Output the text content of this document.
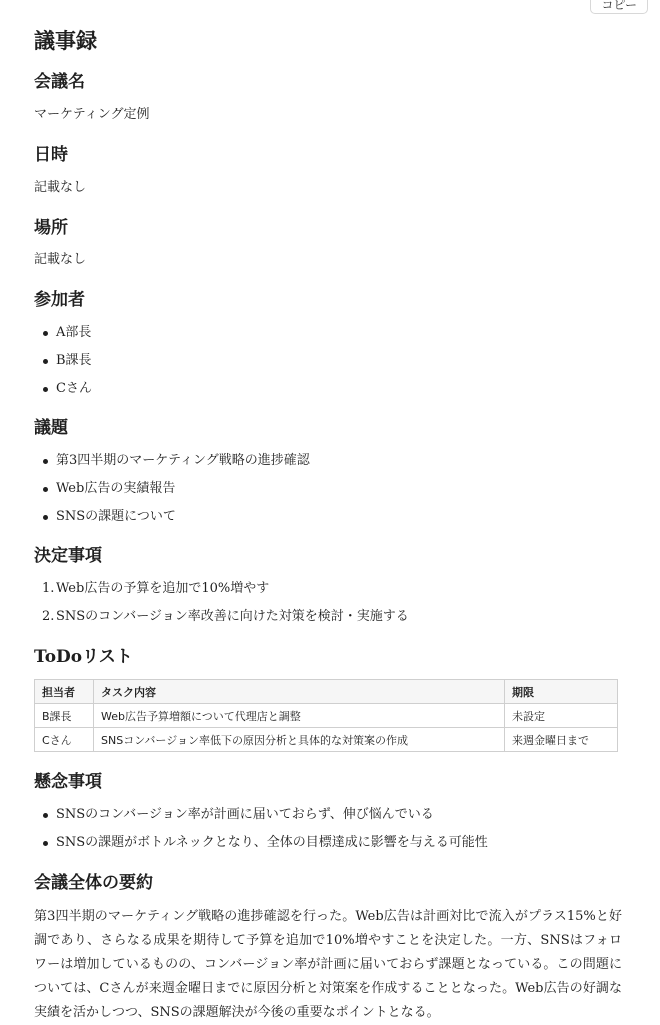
コピー
議事録
会議名

マーケティング定例

日時

記載なし

場所

記載なし

参加者
A部長
B課長
Cさん
議題
第3四半期のマーケティング戦略の進捗確認
Web広告の実績報告
SNSの課題について
決定事項
1. Web広告の予算を追加で10%増やす
2. SNSのコンバージョン率改善に向けた対策を検討・実施する
ToDoリスト
担当者	タスク内容	期限
B課長	Web広告予算増額について代理店と調整	未設定
Cさん	SNSコンバージョン率低下の原因分析と具体的な対策案の作成	来週金曜日まで
懸念事項
SNSのコンバージョン率が計画に届いておらず、伸び悩んでいる
SNSの課題がボトルネックとなり、全体の目標達成に影響を与える可能性
会議全体の要約

第3四半期のマーケティング戦略の進捗確認を行った。Web広告は計画対比で流入がプラス15%と好調であり、さらなる成果を期待して予算を追加で10%増やすことを決定した。一方、SNSはフォロワーは増加しているものの、コンバージョン率が計画に届いておらず課題となっている。この問題については、Cさんが来週金曜日までに原因分析と対策案を作成することとなった。Web広告の好調な実績を活かしつつ、SNSの課題解決が今後の重要なポイントとなる。
